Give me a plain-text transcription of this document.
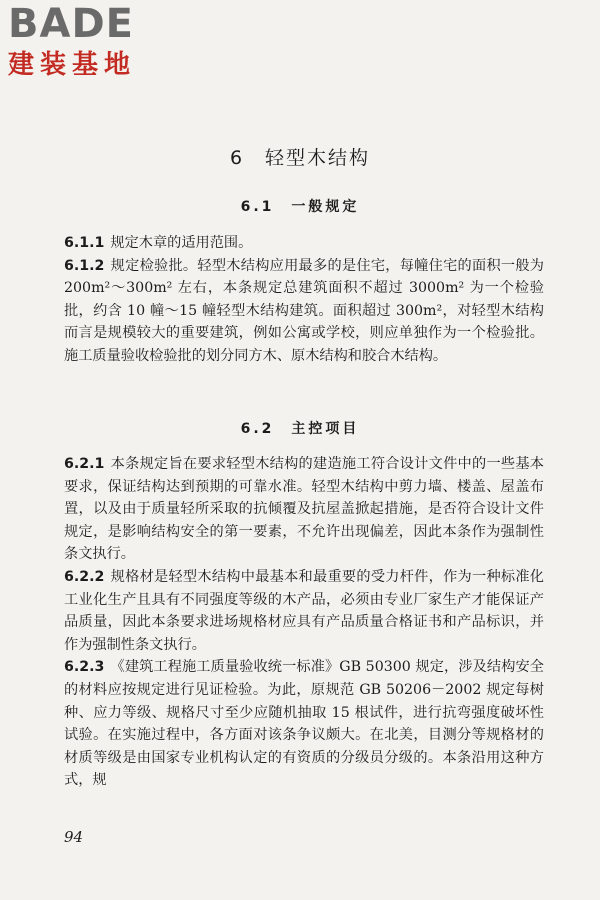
BADE
建装基地
6　轻型木结构
6.1　一般规定

6.1.1 规定木章的适用范围。

6.1.2 规定检验批。轻型木结构应用最多的是住宅，每幢住宅的面积一般为 200m²～300m² 左右，本条规定总建筑面积不超过 3000m² 为一个检验批，约含 10 幢～15 幢轻型木结构建筑。面积超过 300m²，对轻型木结构而言是规模较大的重要建筑，例如公寓或学校，则应单独作为一个检验批。施工质量验收检验批的划分同方木、原木结构和胶合木结构。

6.2　主控项目

6.2.1 本条规定旨在要求轻型木结构的建造施工符合设计文件中的一些基本要求，保证结构达到预期的可靠水准。轻型木结构中剪力墙、楼盖、屋盖布置，以及由于质量轻所采取的抗倾覆及抗屋盖掀起措施，是否符合设计文件规定，是影响结构安全的第一要素，不允许出现偏差，因此本条作为强制性条文执行。

6.2.2 规格材是轻型木结构中最基本和最重要的受力杆件，作为一种标准化工业化生产且具有不同强度等级的木产品，必须由专业厂家生产才能保证产品质量，因此本条要求进场规格材应具有产品质量合格证书和产品标识，并作为强制性条文执行。

6.2.3 《建筑工程施工质量验收统一标准》GB 50300 规定，涉及结构安全的材料应按规定进行见证检验。为此，原规范 GB 50206－2002 规定每树种、应力等级、规格尺寸至少应随机抽取 15 根试件，进行抗弯强度破坏性试验。在实施过程中，各方面对该条争议颇大。在北美，目测分等规格材的材质等级是由国家专业机构认定的有资质的分级员分级的。本条沿用这种方式，规

94
